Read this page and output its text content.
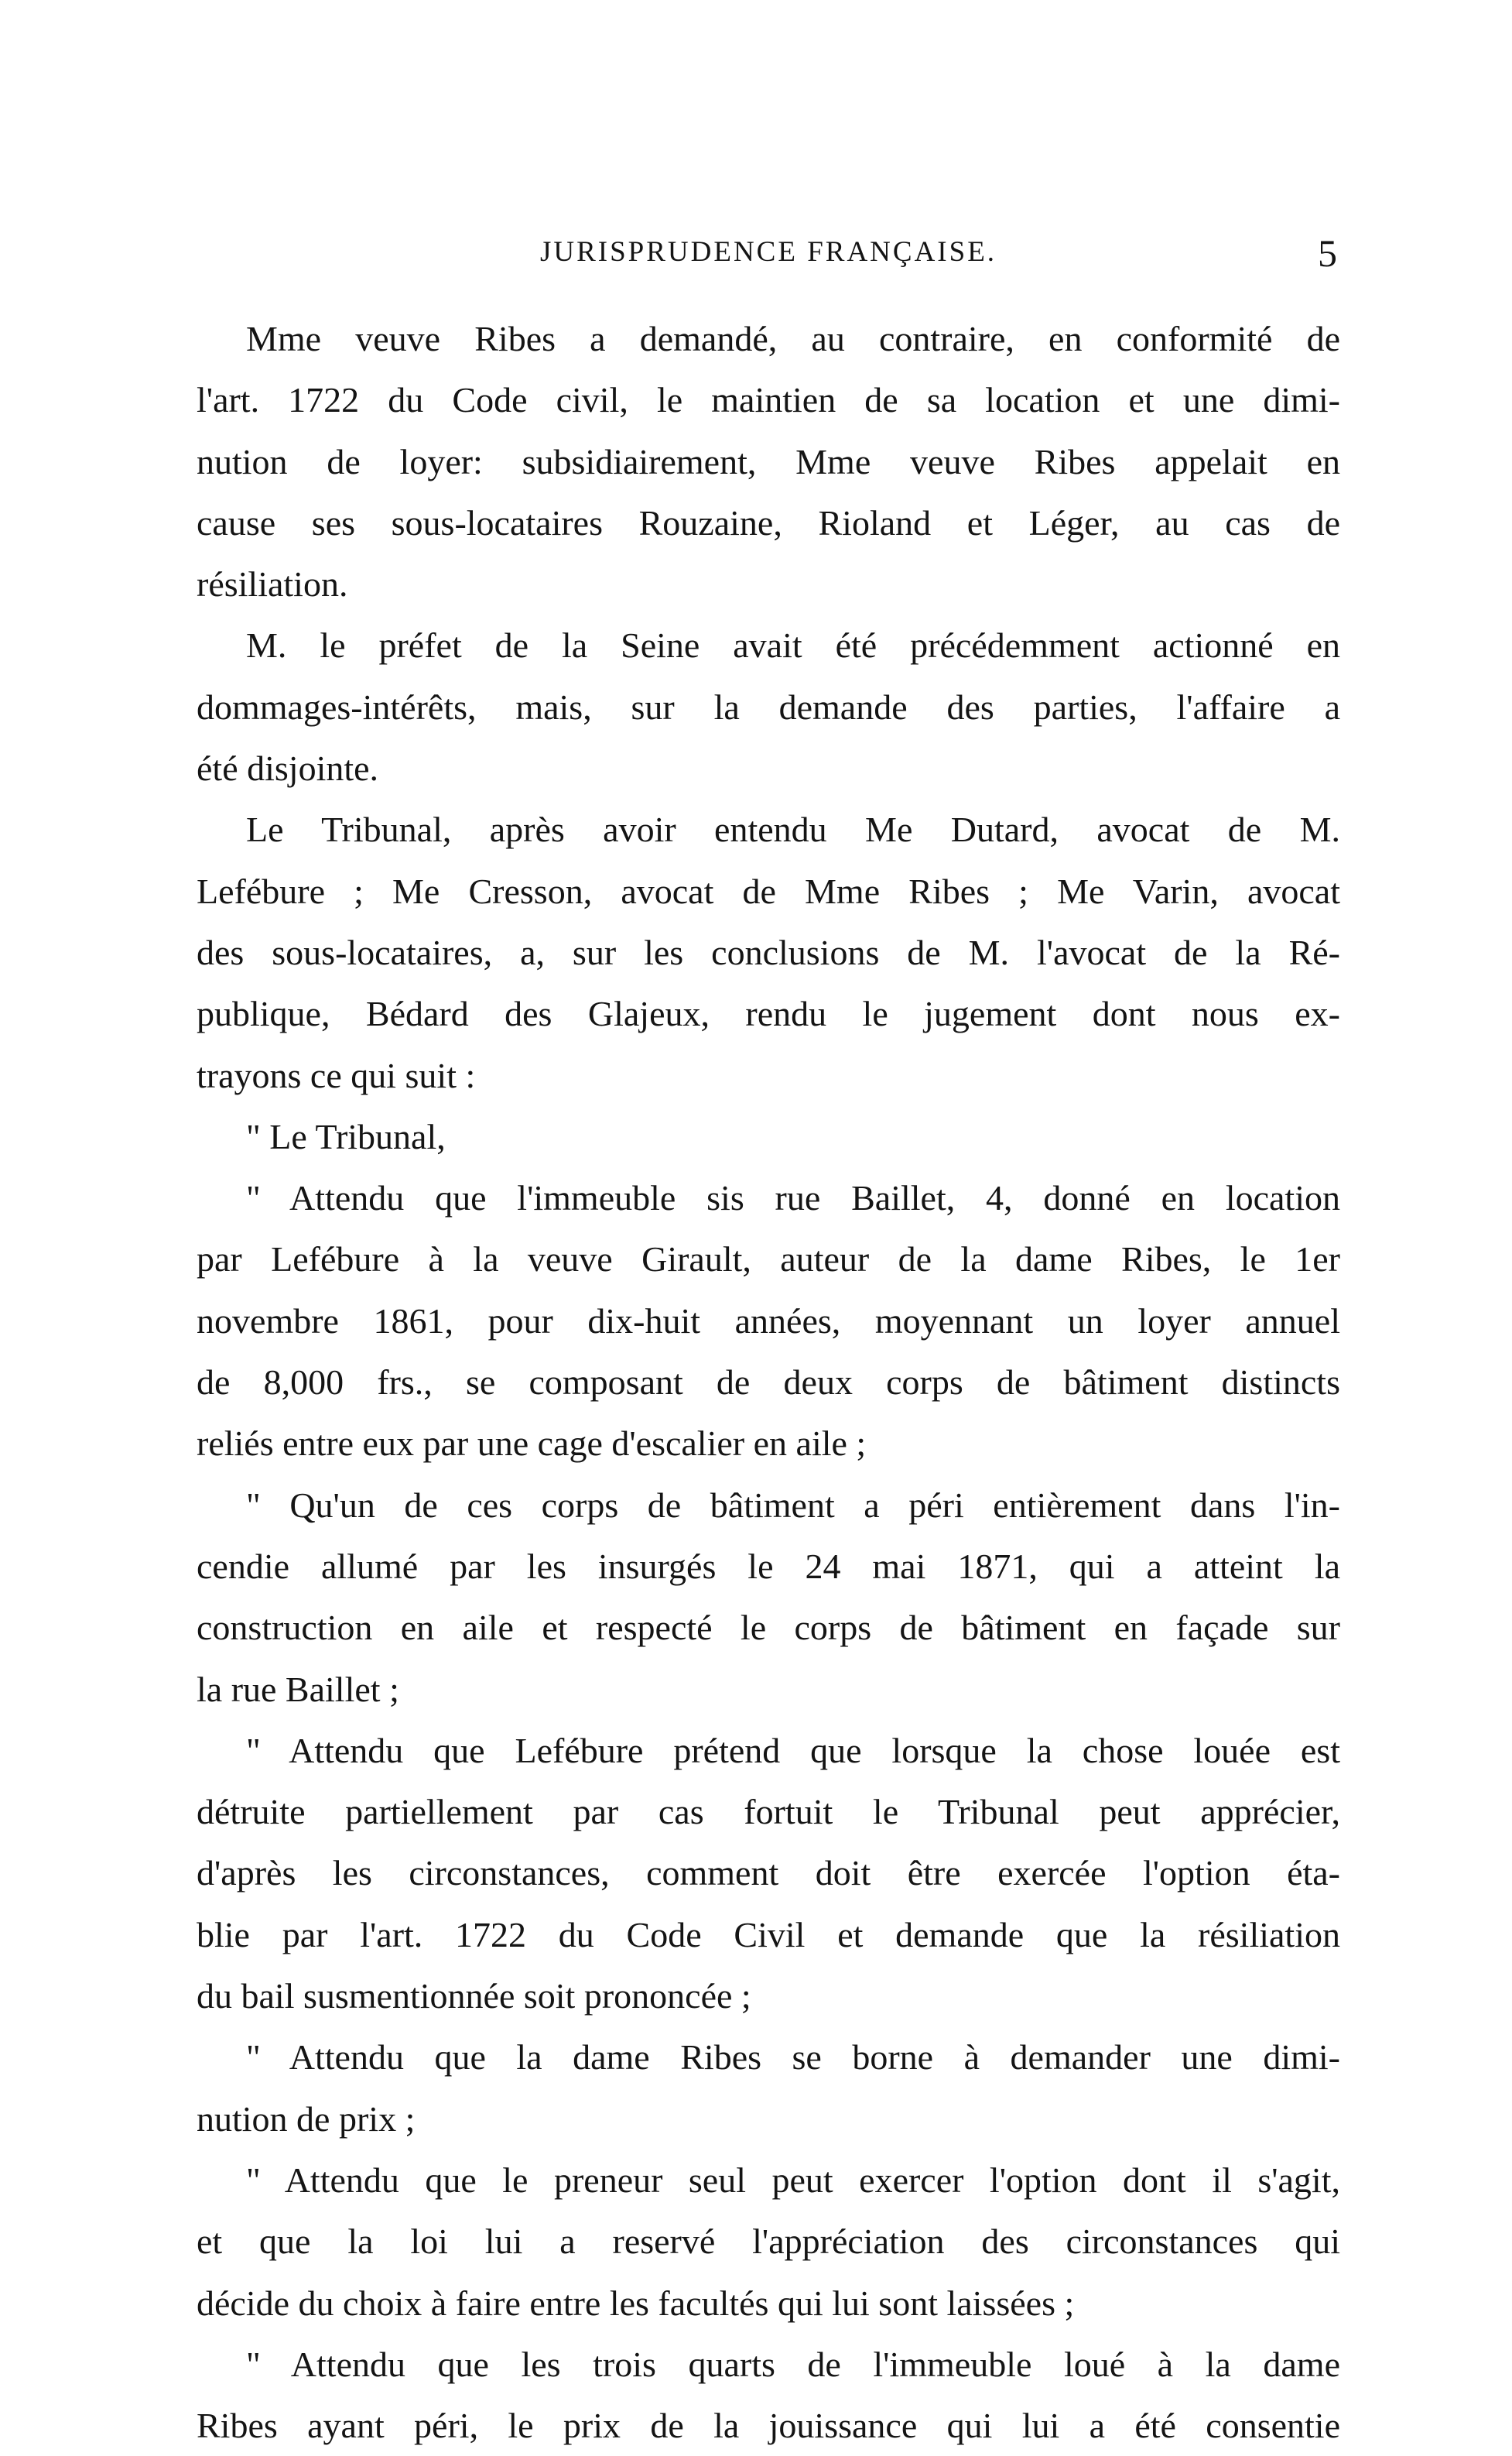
JURISPRUDENCE FRANÇAISE.	5
Mme veuve Ribes a demandé, au contraire, en conformité de
l'art. 1722 du Code civil, le maintien de sa location et une dimi-
nution de loyer: subsidiairement, Mme veuve Ribes appelait en
cause ses sous-locataires Rouzaine, Rioland et Léger, au cas de
résiliation.
M. le préfet de la Seine avait été précédemment actionné en
dommages-intérêts, mais, sur la demande des parties, l'affaire a
été disjointe.
Le Tribunal, après avoir entendu Me Dutard, avocat de M.
Lefébure ; Me Cresson, avocat de Mme Ribes ; Me Varin, avocat
des sous-locataires, a, sur les conclusions de M. l'avocat de la Ré-
publique, Bédard des Glajeux, rendu le jugement dont nous ex-
trayons ce qui suit :
" Le Tribunal,
" Attendu que l'immeuble sis rue Baillet, 4, donné en location
par Lefébure à la veuve Girault, auteur de la dame Ribes, le 1er
novembre 1861, pour dix-huit années, moyennant un loyer annuel
de 8,000 frs., se composant de deux corps de bâtiment distincts
reliés entre eux par une cage d'escalier en aile ;
" Qu'un de ces corps de bâtiment a péri entièrement dans l'in-
cendie allumé par les insurgés le 24 mai 1871, qui a atteint la
construction en aile et respecté le corps de bâtiment en façade sur
la rue Baillet ;
" Attendu que Lefébure prétend que lorsque la chose louée est
détruite partiellement par cas fortuit le Tribunal peut apprécier,
d'après les circonstances, comment doit être exercée l'option éta-
blie par l'art. 1722 du Code Civil et demande que la résiliation
du bail susmentionnée soit prononcée ;
" Attendu que la dame Ribes se borne à demander une dimi-
nution de prix ;
" Attendu que le preneur seul peut exercer l'option dont il s'agit,
et que la loi lui a reservé l'appréciation des circonstances qui
décide du choix à faire entre les facultés qui lui sont laissées ;
" Attendu que les trois quarts de l'immeuble loué à la dame
Ribes ayant péri, le prix de la jouissance qui lui a été consentie
